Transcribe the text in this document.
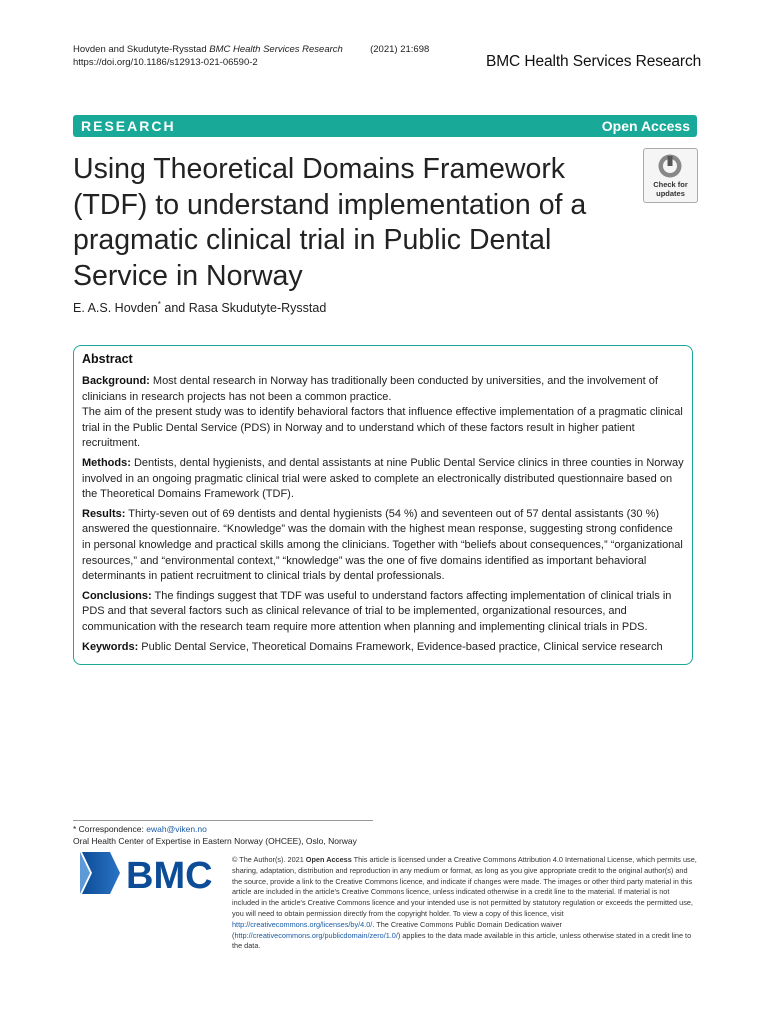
Hovden and Skudutyte-Rysstad BMC Health Services Research	(2021) 21:698
https://doi.org/10.1186/s12913-021-06590-2	BMC Health Services Research
RESEARCH	Open Access
Using Theoretical Domains Framework (TDF) to understand implementation of a pragmatic clinical trial in Public Dental Service in Norway
Check for
updates
E. A.S. Hovden* and Rasa Skudutyte-Rysstad
Abstract

Background: Most dental research in Norway has traditionally been conducted by universities, and the involvement of clinicians in research projects has not been a common practice.
The aim of the present study was to identify behavioral factors that influence effective implementation of a pragmatic clinical trial in the Public Dental Service (PDS) in Norway and to understand which of these factors result in higher patient recruitment.

Methods: Dentists, dental hygienists, and dental assistants at nine Public Dental Service clinics in three counties in Norway involved in an ongoing pragmatic clinical trial were asked to complete an electronically distributed questionnaire based on the Theoretical Domains Framework (TDF).

Results: Thirty-seven out of 69 dentists and dental hygienists (54 %) and seventeen out of 57 dental assistants (30 %) answered the questionnaire. “Knowledge” was the domain with the highest mean response, suggesting strong confidence in personal knowledge and practical skills among the clinicians. Together with “beliefs about consequences,” “organizational resources,” and “environmental context,” “knowledge” was the one of five domains identified as important behavioral determinants in patient recruitment to clinical trials by dental professionals.

Conclusions: The findings suggest that TDF was useful to understand factors affecting implementation of clinical trials in PDS and that several factors such as clinical relevance of trial to be implemented, organizational resources, and communication with the research team require more attention when planning and implementing clinical trials in PDS.

Keywords: Public Dental Service, Theoretical Domains Framework, Evidence-based practice, Clinical service research

* Correspondence: ewah@viken.no
Oral Health Center of Expertise in Eastern Norway (OHCEE), Oslo, Norway
BMC	© The Author(s). 2021 Open Access This article is licensed under a Creative Commons Attribution 4.0 International License, which permits use, sharing, adaptation, distribution and reproduction in any medium or format, as long as you give appropriate credit to the original author(s) and the source, provide a link to the Creative Commons licence, and indicate if changes were made. The images or other third party material in this article are included in the article's Creative Commons licence, unless indicated otherwise in a credit line to the material. If material is not included in the article's Creative Commons licence and your intended use is not permitted by statutory regulation or exceeds the permitted use, you will need to obtain permission directly from the copyright holder. To view a copy of this licence, visit http://creativecommons.org/licenses/by/4.0/. The Creative Commons Public Domain Dedication waiver (http://creativecommons.org/publicdomain/zero/1.0/) applies to the data made available in this article, unless otherwise stated in a credit line to the data.
